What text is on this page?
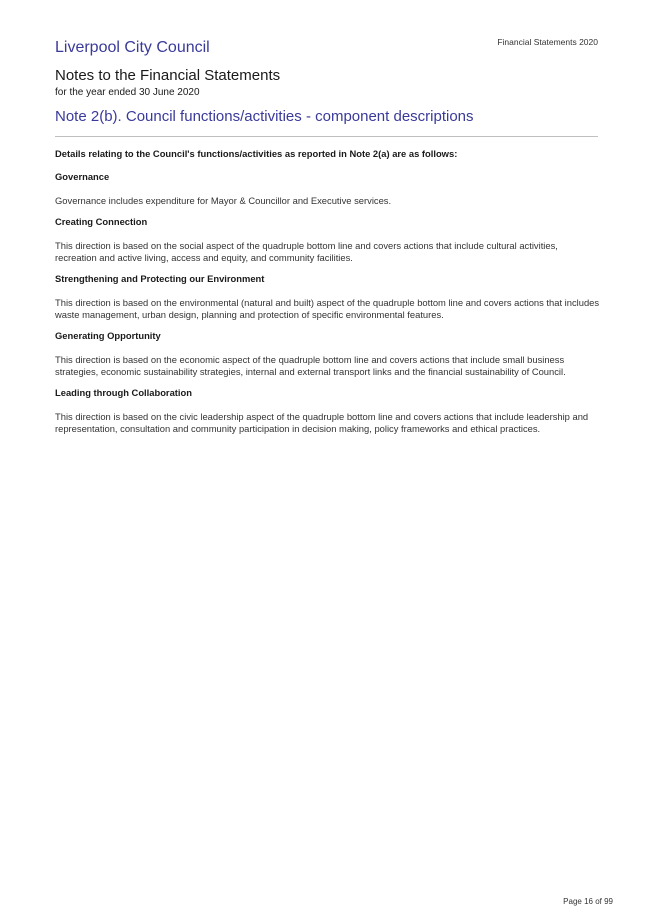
Financial Statements 2020
Liverpool City Council
Notes to the Financial Statements
for the year ended 30 June 2020
Note 2(b). Council functions/activities - component descriptions

Details relating to the Council's functions/activities as reported in Note 2(a) are as follows:

Governance

Governance includes expenditure for Mayor & Councillor and Executive services.

Creating Connection

This direction is based on the social aspect of the quadruple bottom line and covers actions that include cultural activities, recreation and active living, access and equity, and community facilities.

Strengthening and Protecting our Environment

This direction is based on the environmental (natural and built) aspect of the quadruple bottom line and covers actions that includes waste management, urban design, planning and protection of specific environmental features.

Generating Opportunity

This direction is based on the economic aspect of the quadruple bottom line and covers actions that include small business strategies, economic sustainability strategies, internal and external transport links and the financial sustainability of Council.

Leading through Collaboration

This direction is based on the civic leadership aspect of the quadruple bottom line and covers actions that include leadership and representation, consultation and community participation in decision making, policy frameworks and ethical practices.

Page 16 of 99
